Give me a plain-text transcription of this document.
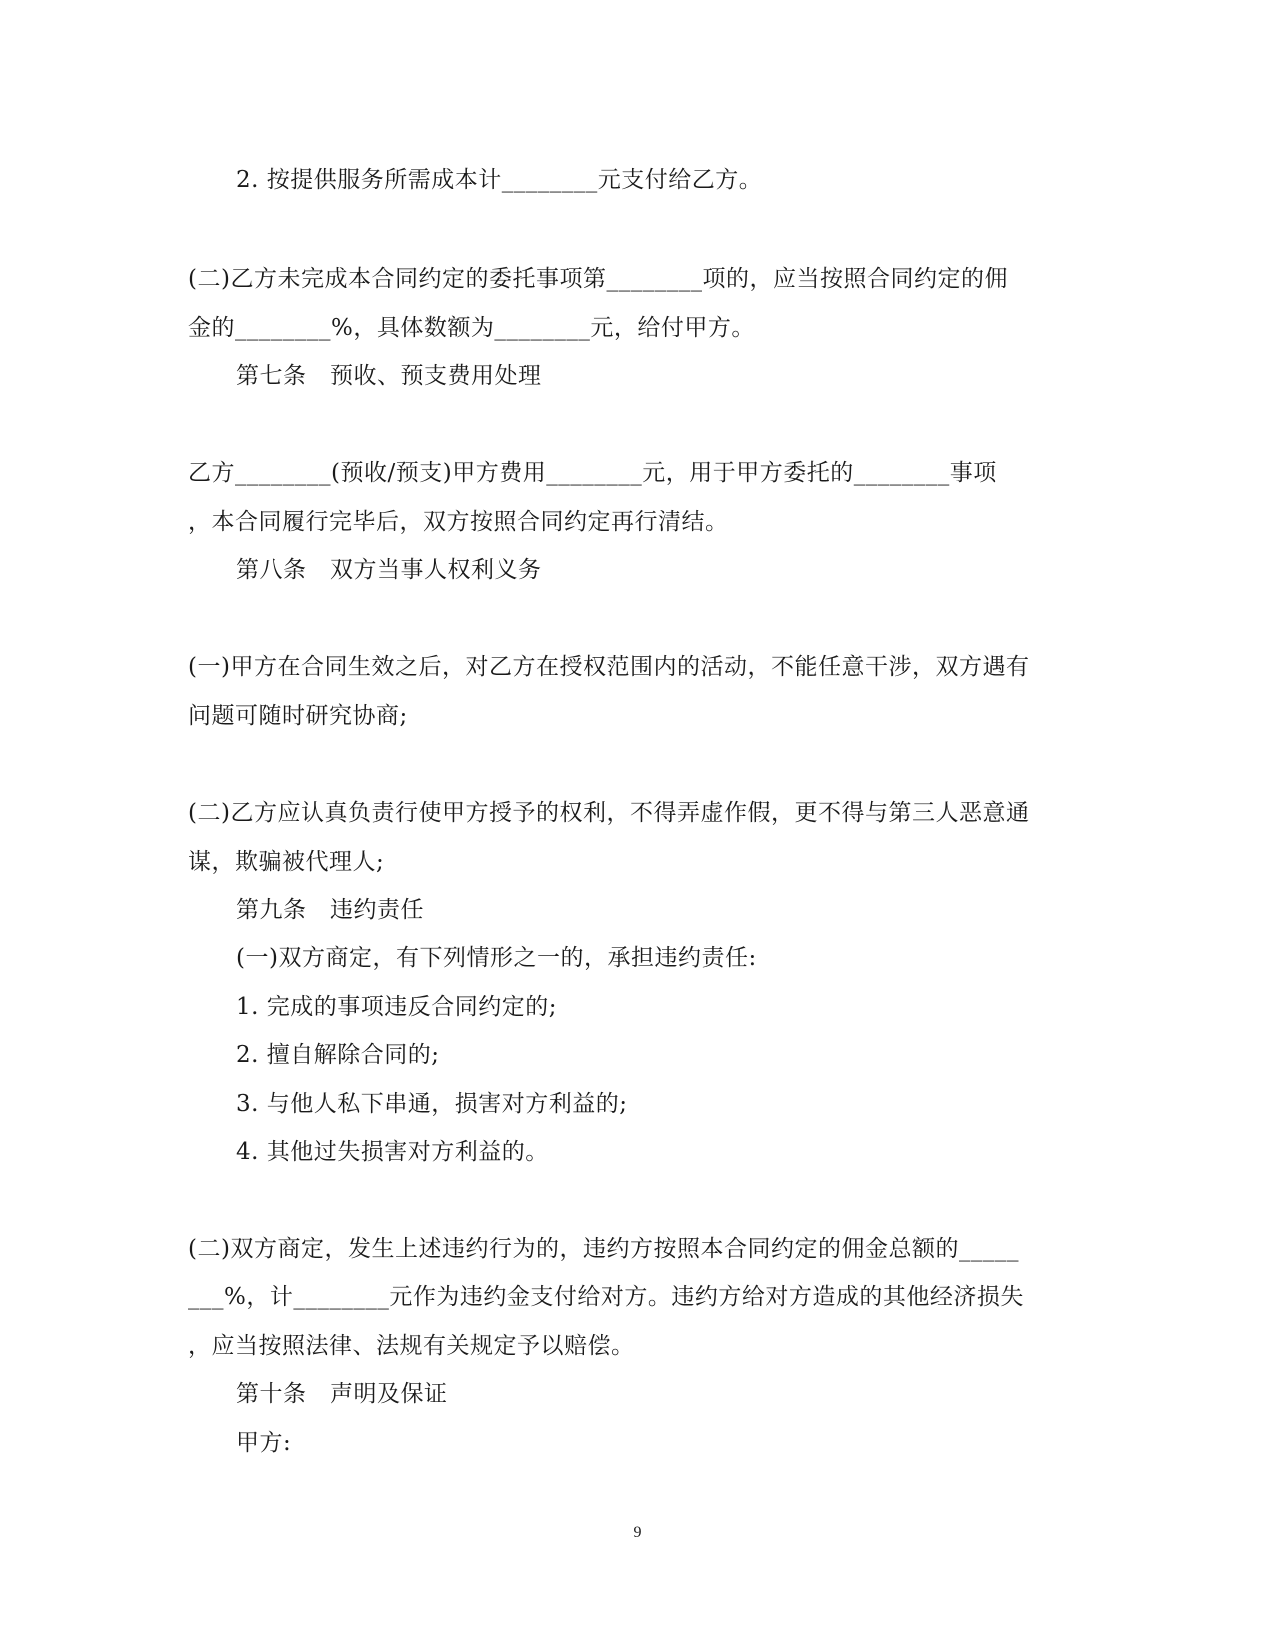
2. 按提供服务所需成本计________元支付给乙方。
(二)乙方未完成本合同约定的委托事项第________项的，应当按照合同约定的佣
金的________%，具体数额为________元，给付甲方。
第七条　预收、预支费用处理
乙方________(预收/预支)甲方费用________元，用于甲方委托的________事项
，本合同履行完毕后，双方按照合同约定再行清结。
第八条　双方当事人权利义务
(一)甲方在合同生效之后，对乙方在授权范围内的活动，不能任意干涉，双方遇有
问题可随时研究协商;
(二)乙方应认真负责行使甲方授予的权利，不得弄虚作假，更不得与第三人恶意通
谋，欺骗被代理人;
第九条　违约责任
(一)双方商定，有下列情形之一的，承担违约责任:
1. 完成的事项违反合同约定的;
2. 擅自解除合同的;
3. 与他人私下串通，损害对方利益的;
4. 其他过失损害对方利益的。
(二)双方商定，发生上述违约行为的，违约方按照本合同约定的佣金总额的_____
___%，计________元作为违约金支付给对方。违约方给对方造成的其他经济损失
，应当按照法律、法规有关规定予以赔偿。
第十条　声明及保证
甲方:
9
